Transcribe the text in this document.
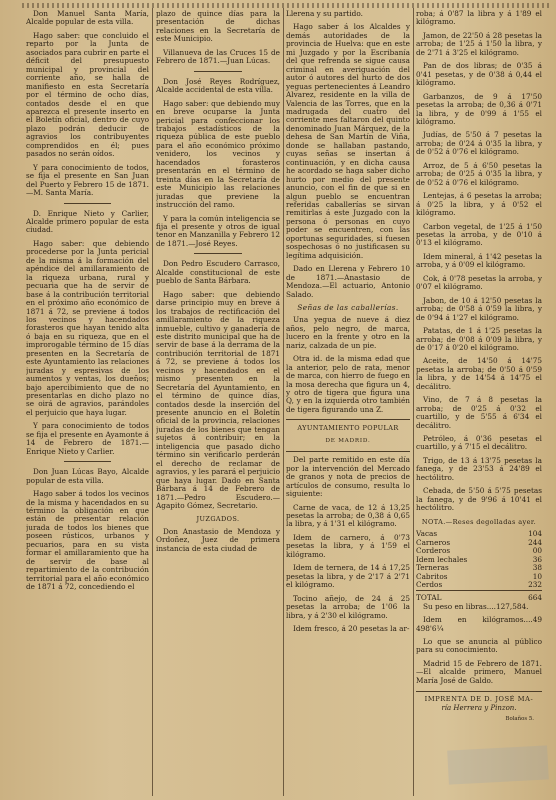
Don Manuel Santa María, Alcalde popular de esta villa.

Hago saber: que concluido el reparto por la Junta de asociados para cubrir en parte el déficit del presupuesto municipal y provincial del corriente año, se halla de manifiesto en esta Secretaría por el término de ocho días, contados desde el en que aparezca el presente inserto en el Boletín oficial, dentro de cuyo plazo podrán deducir de agravios los contribuyentes comprendidos en él; pues pasados no serán oídos.

Y para conocimiento de todos, se fija el presente en San Juan del Puerto y Febrero 15 de 1871.—M. Santa María.

D. Enrique Nieto y Carlier, Alcalde primero popular de esta ciudad.

Hago saber: que debiendo procederse por la Junta pericial de la misma á la formación del apéndice del amillaramiento de la riqueza urbana, rural y pecuaria que ha de servir de base á la contribución territorial en el próximo año económico de 1871 á 72, se previene á todos los vecinos y hacendados forasteros que hayan tenido alta ó baja en su riqueza, que en el improrogable término de 15 días presenten en la Secretaría de este Ayuntamiento las relaciones juradas y espresivas de los aumentos y ventas, los dueños; bajo apercibimiento que de no presentarlas en dicho plazo no se oirá de agravios, parándoles el perjuicio que haya lugar.

Y para conocimiento de todos se fija el presente en Ayamonte á 14 de Febrero de 1871.—Enrique Nieto y Carlier.

Don Juan Lúcas Bayo, Alcalde popular de esta villa.

Hago saber á todos los vecinos de la misma y hacendados en su término la obligación en que están de presentar relación jurada de todos los bienes que poseen rústicos, urbanos y pecuarios, para en su vista formar el amillaramiento que ha de servir de base al repartimiento de la contribución territorial para el año económico de 1871 á 72, concediendo el

plazo de quince días para la presentación de dichas relaciones en la Secretaría de este Municipio.

Villanueva de las Cruces 15 de Febrero de 1871.—Juan Lúcas.

Don José Reyes Rodríguez, Alcalde accidental de esta villa.

Hago saber: que debiendo muy en breve ocuparse la Junta pericial para confeccionar los trabajos estadísticos de la riqueza pública de este pueblo para el año económico próximo venidero, los vecinos y hacendados forasteros presentarán en el término de treinta días en la Secretaría de este Municipio las relaciones juradas que previene la instrucción del ramo.

Y para la común inteligencia se fija el presente y otros de igual tenor en Manzanilla y Febrero 12 de 1871.—José Reyes.

Don Pedro Escudero Carrasco, Alcalde constitucional de este pueblo de Santa Bárbara.

Hago saber: que debiendo darse principio muy en breve á los trabajos de rectificación del amillaramiento de la riqueza inmueble, cultivo y ganadería de este distrito municipal que ha de servir de base á la derrama de la contribución territorial de 1871 á 72, se previene á todos los vecinos y hacendados en el mismo presenten en la Secretaría del Ayuntamiento, en el término de quince días, contados desde la inserción del presente anuncio en el Boletín oficial de la provincia, relaciones juradas de los bienes que tengan sujetos á contribuir; en la inteligencia que pasado dicho término sin verificarlo perderán el derecho de reclamar de agravios, y les parará el perjuicio que haya lugar. Dado en Santa Bárbara á 14 de Febrero de 1871.—Pedro Escudero.—Agapito Gómez, Secretario.

JUZGADOS.

Don Anastasio de Mendoza y Ordoñez, Juez de primera instancia de esta ciudad de

Llerena y su partido.

Hago saber á los Alcaldes y demás autoridades de la provincia de Huelva: que en este mi Juzgado y por la Escribanía del que refrenda se sigue causa criminal en averiguación del autor ó autores del hurto de dos yeguas pertenecientes á Leandro Alvarez, residente en la villa de Valencia de las Torres, que en la madrugada del cuatro del corriente mes faltaron del quinto denominado Juan Márquez, de la dehesa de San Martín de Viña, donde se hallaban pastando, cuyas señas se insertan á continuación, y en dicha causa he acordado se haga saber dicho hurto por medio del presente anuncio, con el fin de que si en algun pueblo se encuentran referidas caballerías se sirvan remitirlas á este Juzgado con la persona ó personas en cuyo poder se encuentren, con las oportunas seguridades, si fuesen sospechosas ó no justificasen su legítima adquisición.

Dado en Llerena y Febrero 10 de 1871.—Anastasio de Mendoza.—El actuario, Antonio Salado.

Señas de las caballerías.

Una yegua de nueve á diez años, pelo negro, de marca, lucero en la frente y otro en la nariz, calzada de un pie.

Otra id. de la misma edad que la anterior, pelo de rata, menor de marca, con hierro de fuego en la mosa derecha que figura un 4, y otro de tigera que figura una Q, y en la izquierda otro también de tigera figurando una Z.

AYUNTAMIENTO POPULAR
DE MADRID.

Del parte remitido en este día por la intervención del Mercado de granos y nota de precios de artículos de consumo, resulta lo siguiente:

Carne de vaca, de 12 á 13,25 pesetas la arroba; de 0,38 á 0,65 la libra, y á 1'31 el kilógramo.

Idem de carnero, á 0'73 pesetas la libra, y á 1'59 el kilógramo.

Idem de ternera, de 14 á 17,25 pesetas la libra, y de 2'17 á 2'71 el kilógramo.

Tocino añejo, de 24 á 25 pesetas la arroba; de 1'06 la libra, y á 2'30 el kilógramo.

Idem fresco, á 20 pesetas la ar-

roba; á 0'87 la libra y á 1'89 el kilógramo.

Jamon, de 22'50 á 28 pesetas la arroba; de 1'25 á 1'50 la libra, y de 2'71 á 3'25 el kilógramo.

Pan de dos libras; de 0'35 á 0'41 pesetas, y de 0'38 á 0,44 el kilógramo.

Garbanzos, de 9 á 17'50 pesetas la arroba; de 0,36 á 0'71 la libra, y de 0'99 á 1'55 el kilógramo.

Judías, de 5'50 á 7 pesetas la arroba; de 0'24 á 0'35 la libra, y de 0'52 á 0'76 el kilógramo.

Arroz, de 5 á 6'50 pesetas la arroba; de 0'25 á 0'35 la libra, y de 0'52 á 0'76 el kilógramo.

Lentejas, á 6 pesetas la arroba; á 0'25 la libra, y á 0'52 el kilógramo.

Carbon vegetal, de 1'25 á 1'50 pesetas la arroba, y de 0'10 á 0'13 el kilógramo.

Idem mineral, á 1'42 pesetas la arroba, y á 0'09 el kilógramo.

Cok, á 0'78 pesetas la arroba, y 0'07 el kilógramo.

Jabon, de 10 á 12'50 pesetas la arroba; de 0'58 á 0'59 la libra, y de 0'94 á 1'27 el kilógramo.

Patatas, de 1 á 1'25 pesetas la arroba; de 0'08 á 0'09 la libra, y de 0'17 á 0'20 el kilógramo.

Aceite, de 14'50 á 14'75 pesetas la arroba; de 0'50 á 0'59 la libra, y de 14'54 á 14'75 el decálitro.

Vino, de 7 á 8 pesetas la arroba; de 0'25 á 0'32 el cuartillo, y de 5'55 á 6'34 el decálitro.

Petróleo, á 0'36 pesetas el cuartillo, y á 7'15 el decálitro.

Trigo, de 13 á 13'75 pesetas la fanega, y de 23'53 á 24'89 el hectólitro.

Cebada, de 5'50 á 5'75 pesetas la fanega, y de 9'96 á 10'41 el hectólitro.

NOTA.—Reses degolladas ayer.
Vacas		104
Carneros		244
Corderos		00
Idem lechales		36
Terneras		38
Cabritos		10
Cerdos		232
TOTAL		664

Su peso en libras....127,584.

Idem en kilógramos....49 498'6¼

Lo que se anuncia al público para su conocimiento.

Madrid 15 de Febrero de 1871.—El alcalde primero, Manuel María José de Galdo.

IMPRENTA DE D. JOSÉ MA-
ría Herrera y Pinzon.
Bolaños 5.
